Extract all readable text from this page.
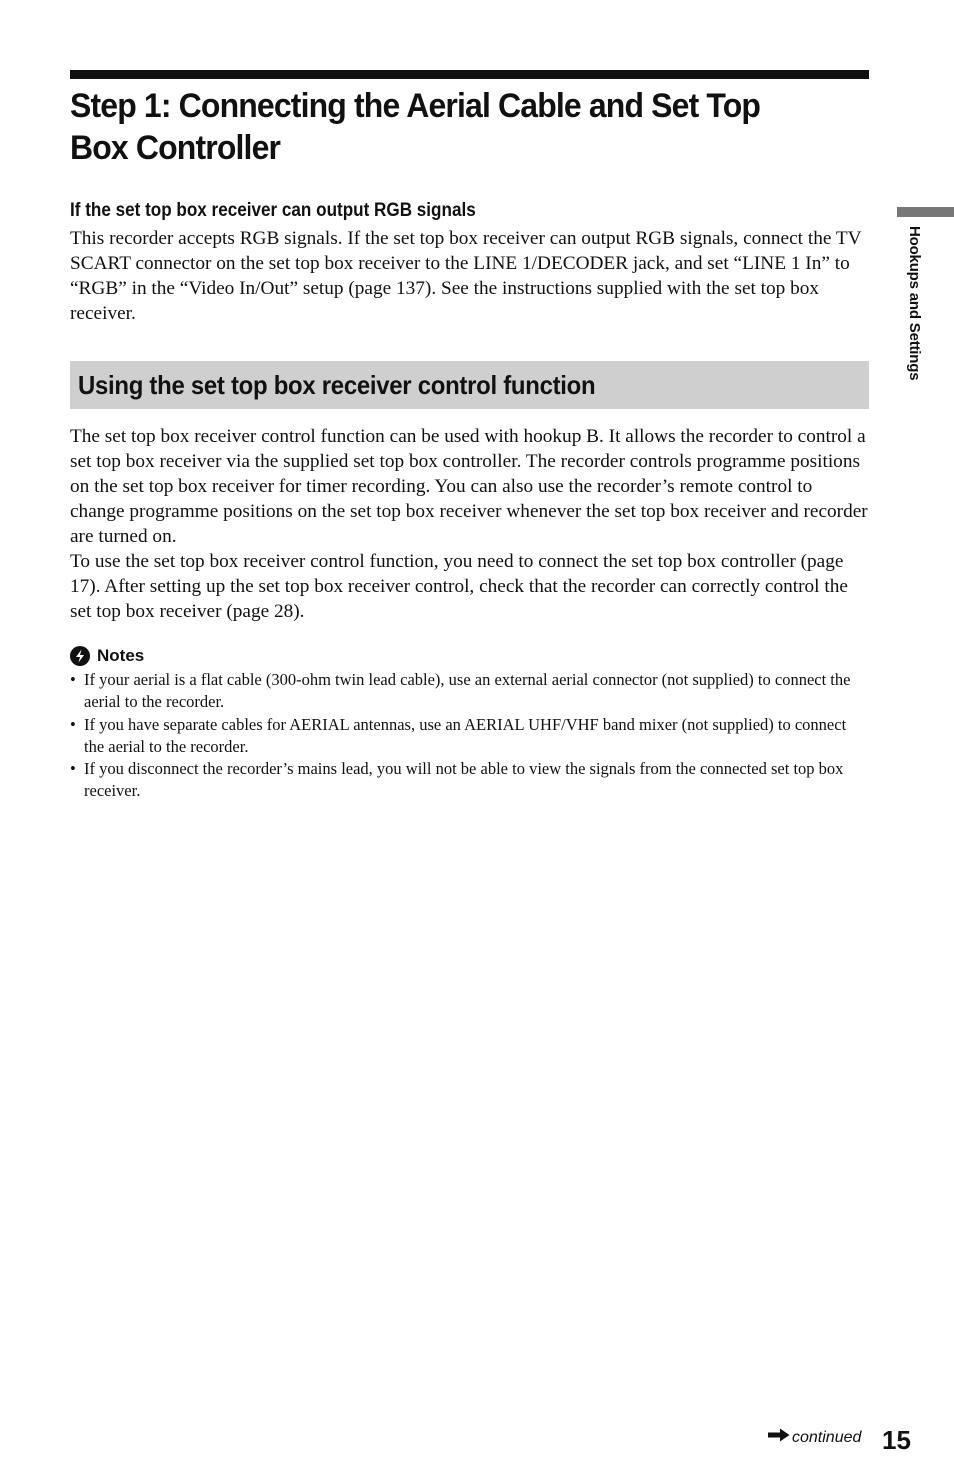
Step 1: Connecting the Aerial Cable and Set Top Box Controller
If the set top box receiver can output RGB signals

This recorder accepts RGB signals. If the set top box receiver can output RGB signals, connect the TV SCART connector on the set top box receiver to the LINE 1/DECODER jack, and set “LINE 1 In” to “RGB” in the “Video In/Out” setup (page 137). See the instructions supplied with the set top box receiver.

Using the set top box receiver control function

The set top box receiver control function can be used with hookup B. It allows the recorder to control a set top box receiver via the supplied set top box controller. The recorder controls programme positions on the set top box receiver for timer recording. You can also use the recorder’s remote control to change programme positions on the set top box receiver whenever the set top box receiver and recorder are turned on.

To use the set top box receiver control function, you need to connect the set top box controller (page 17). After setting up the set top box receiver control, check that the recorder can correctly control the set top box receiver (page 28).

Notes
• If your aerial is a flat cable (300-ohm twin lead cable), use an external aerial connector (not supplied) to connect the aerial to the recorder.
• If you have separate cables for AERIAL antennas, use an AERIAL UHF/VHF band mixer (not supplied) to connect the aerial to the recorder.
• If you disconnect the recorder’s mains lead, you will not be able to view the signals from the connected set top box receiver.
Hookups and Settings
continued 15
